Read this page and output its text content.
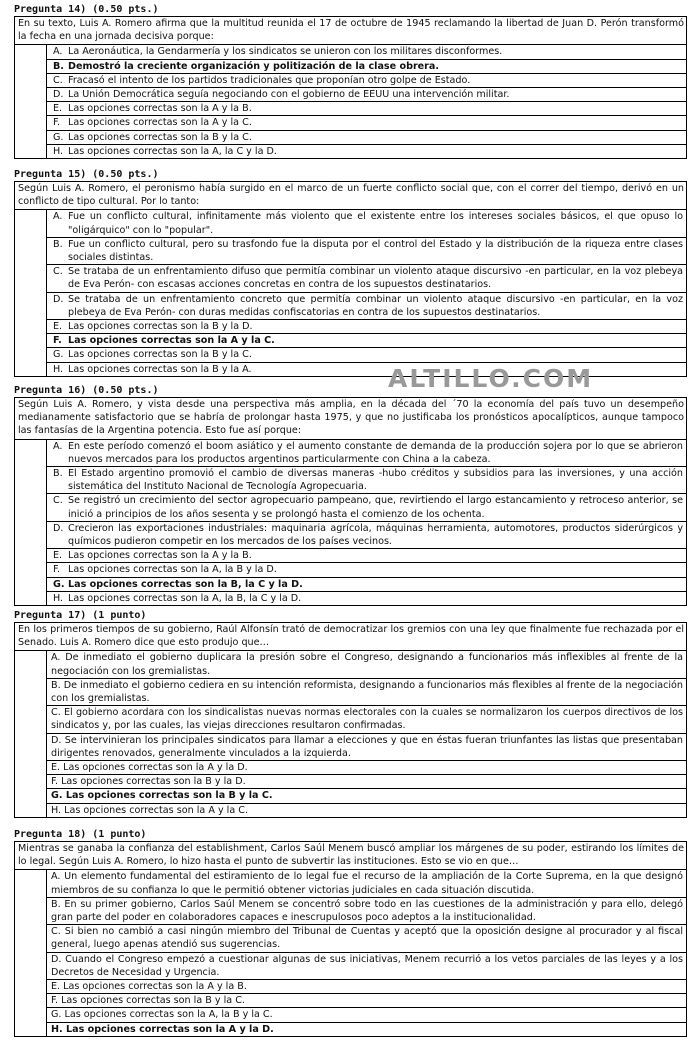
Pregunta 14) (0.50 pts.)
En su texto, Luis A. Romero afirma que la multitud reunida el 17 de octubre de 1945 reclamando la libertad de Juan D. Perón transformó la fecha en una jornada decisiva porque:
A. La Aeronáutica, la Gendarmería y los sindicatos se unieron con los militares disconformes.
B. Demostró la creciente organización y politización de la clase obrera.
C. Fracasó el intento de los partidos tradicionales que proponían otro golpe de Estado.
D. La Unión Democrática seguía negociando con el gobierno de EEUU una intervención militar.
E. Las opciones correctas son la A y la B.
F. Las opciones correctas son la A y la C.
G. Las opciones correctas son la B y la C.
H. Las opciones correctas son la A, la C y la D.
Pregunta 15) (0.50 pts.)
Según Luis A. Romero, el peronismo había surgido en el marco de un fuerte conflicto social que, con el correr del tiempo, derivó en un conflicto de tipo cultural. Por lo tanto:
A. Fue un conflicto cultural, infinitamente más violento que el existente entre los intereses sociales básicos, el que opuso lo "oligárquico" con lo "popular".
B. Fue un conflicto cultural, pero su trasfondo fue la disputa por el control del Estado y la distribución de la riqueza entre clases sociales distintas.
C. Se trataba de un enfrentamiento difuso que permitía combinar un violento ataque discursivo -en particular, en la voz plebeya de Eva Perón- con escasas acciones concretas en contra de los supuestos destinatarios.
D. Se trataba de un enfrentamiento concreto que permitía combinar un violento ataque discursivo -en particular, en la voz plebeya de Eva Perón- con duras medidas confiscatorias en contra de los supuestos destinatarios.
E. Las opciones correctas son la B y la D.
F. Las opciones correctas son la A y la C.
G. Las opciones correctas son la B y la C.
H. Las opciones correctas son la B y la A.
Pregunta 16) (0.50 pts.)
Según Luis A. Romero, y vista desde una perspectiva más amplia, en la década del ´70 la economía del país tuvo un desempeño medianamente satisfactorio que se habría de prolongar hasta 1975, y que no justificaba los pronósticos apocalípticos, aunque tampoco las fantasías de la Argentina potencia. Esto fue así porque:
A. En este período comenzó el boom asiático y el aumento constante de demanda de la producción sojera por lo que se abrieron nuevos mercados para los productos argentinos particularmente con China a la cabeza.
B. El Estado argentino promovió el cambio de diversas maneras -hubo créditos y subsidios para las inversiones, y una acción sistemática del Instituto Nacional de Tecnología Agropecuaria.
C. Se registró un crecimiento del sector agropecuario pampeano, que, revirtiendo el largo estancamiento y retroceso anterior, se inició a principios de los años sesenta y se prolongó hasta el comienzo de los ochenta.
D. Crecieron las exportaciones industriales: maquinaria agrícola, máquinas herramienta, automotores, productos siderúrgicos y químicos pudieron competir en los mercados de los países vecinos.
E. Las opciones correctas son la A y la B.
F. Las opciones correctas son la A, la B y la D.
G. Las opciones correctas son la B, la C y la D.
H. Las opciones correctas son la A, la B, la C y la D.
Pregunta 17) (1 punto)
En los primeros tiempos de su gobierno, Raúl Alfonsín trató de democratizar los gremios con una ley que finalmente fue rechazada por el Senado. Luis A. Romero dice que esto produjo que…
A. De inmediato el gobierno duplicara la presión sobre el Congreso, designando a funcionarios más inflexibles al frente de la negociación con los gremialistas.
B. De inmediato el gobierno cediera en su intención reformista, designando a funcionarios más flexibles al frente de la negociación con los gremialistas.
C. El gobierno acordara con los sindicalistas nuevas normas electorales con la cuales se normalizaron los cuerpos directivos de los sindicatos y, por las cuales, las viejas direcciones resultaron confirmadas.
D. Se intervinieran los principales sindicatos para llamar a elecciones y que en éstas fueran triunfantes las listas que presentaban dirigentes renovados, generalmente vinculados a la izquierda.
E. Las opciones correctas son la A y la D.
F. Las opciones correctas son la B y la D.
G. Las opciones correctas son la B y la C.
H. Las opciones correctas son la A y la C.
Pregunta 18) (1 punto)
Mientras se ganaba la confianza del establishment, Carlos Saúl Menem buscó ampliar los márgenes de su poder, estirando los límites de lo legal. Según Luis A. Romero, lo hizo hasta el punto de subvertir las instituciones. Esto se vio en que…
A. Un elemento fundamental del estiramiento de lo legal fue el recurso de la ampliación de la Corte Suprema, en la que designó miembros de su confianza lo que le permitió obtener victorias judiciales en cada situación discutida.
B. En su primer gobierno, Carlos Saúl Menem se concentró sobre todo en las cuestiones de la administración y para ello, delegó gran parte del poder en colaboradores capaces e inescrupulosos poco adeptos a la institucionalidad.
C. Si bien no cambió a casi ningún miembro del Tribunal de Cuentas y aceptó que la oposición designe al procurador y al fiscal general, luego apenas atendió sus sugerencias.
D. Cuando el Congreso empezó a cuestionar algunas de sus iniciativas, Menem recurrió a los vetos parciales de las leyes y a los Decretos de Necesidad y Urgencia.
E. Las opciones correctas son la A y la B.
F. Las opciones correctas son la B y la C.
G. Las opciones correctas son la A, la B y la C.
H. Las opciones correctas son la A y la D.
ALTILLO.COM
